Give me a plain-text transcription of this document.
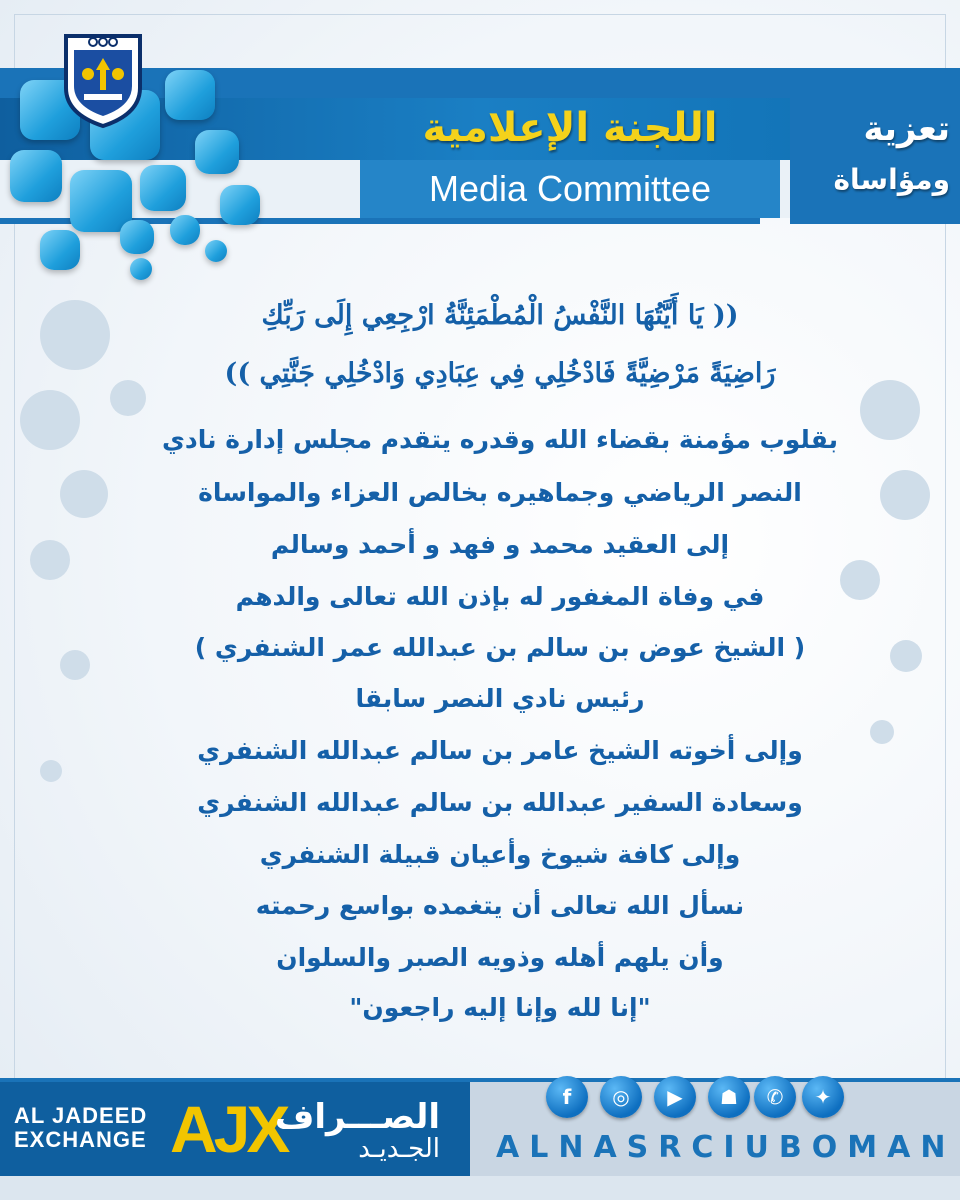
اللجنة الإعلامية
Media Committee
تعزية
ومؤاساة
(( يَا أَيَّتُهَا النَّفْسُ الْمُطْمَئِنَّةُ ارْجِعِي إِلَى رَبِّكِ
رَاضِيَةً مَرْضِيَّةً فَادْخُلِي فِي عِبَادِي وَادْخُلِي جَنَّتِي ))
بقلوب مؤمنة بقضاء الله وقدره يتقدم مجلس إدارة نادي
النصر الرياضي وجماهيره بخالص العزاء والمواساة
إلى العقيد محمد و فهد و أحمد وسالم
في وفاة المغفور له بإذن الله تعالى والدهم
( الشيخ عوض بن سالم بن عبدالله عمر الشنفري )
رئيس نادي النصر سابقا
وإلى أخوته الشيخ عامر بن سالم عبدالله الشنفري
وسعادة السفير عبدالله بن سالم عبدالله الشنفري
وإلى كافة شيوخ وأعيان قبيلة الشنفري
نسأل الله تعالى أن يتغمده بواسع رحمته
وأن يلهم أهله وذويه الصبر والسلوان
"إنا لله وإنا إليه راجعون"
AL JADEED
EXCHANGE AJX
الصـــراف
الجـديـد
f	◎	▶	☗	✆	✦
ALNASRCIUBOMAN
